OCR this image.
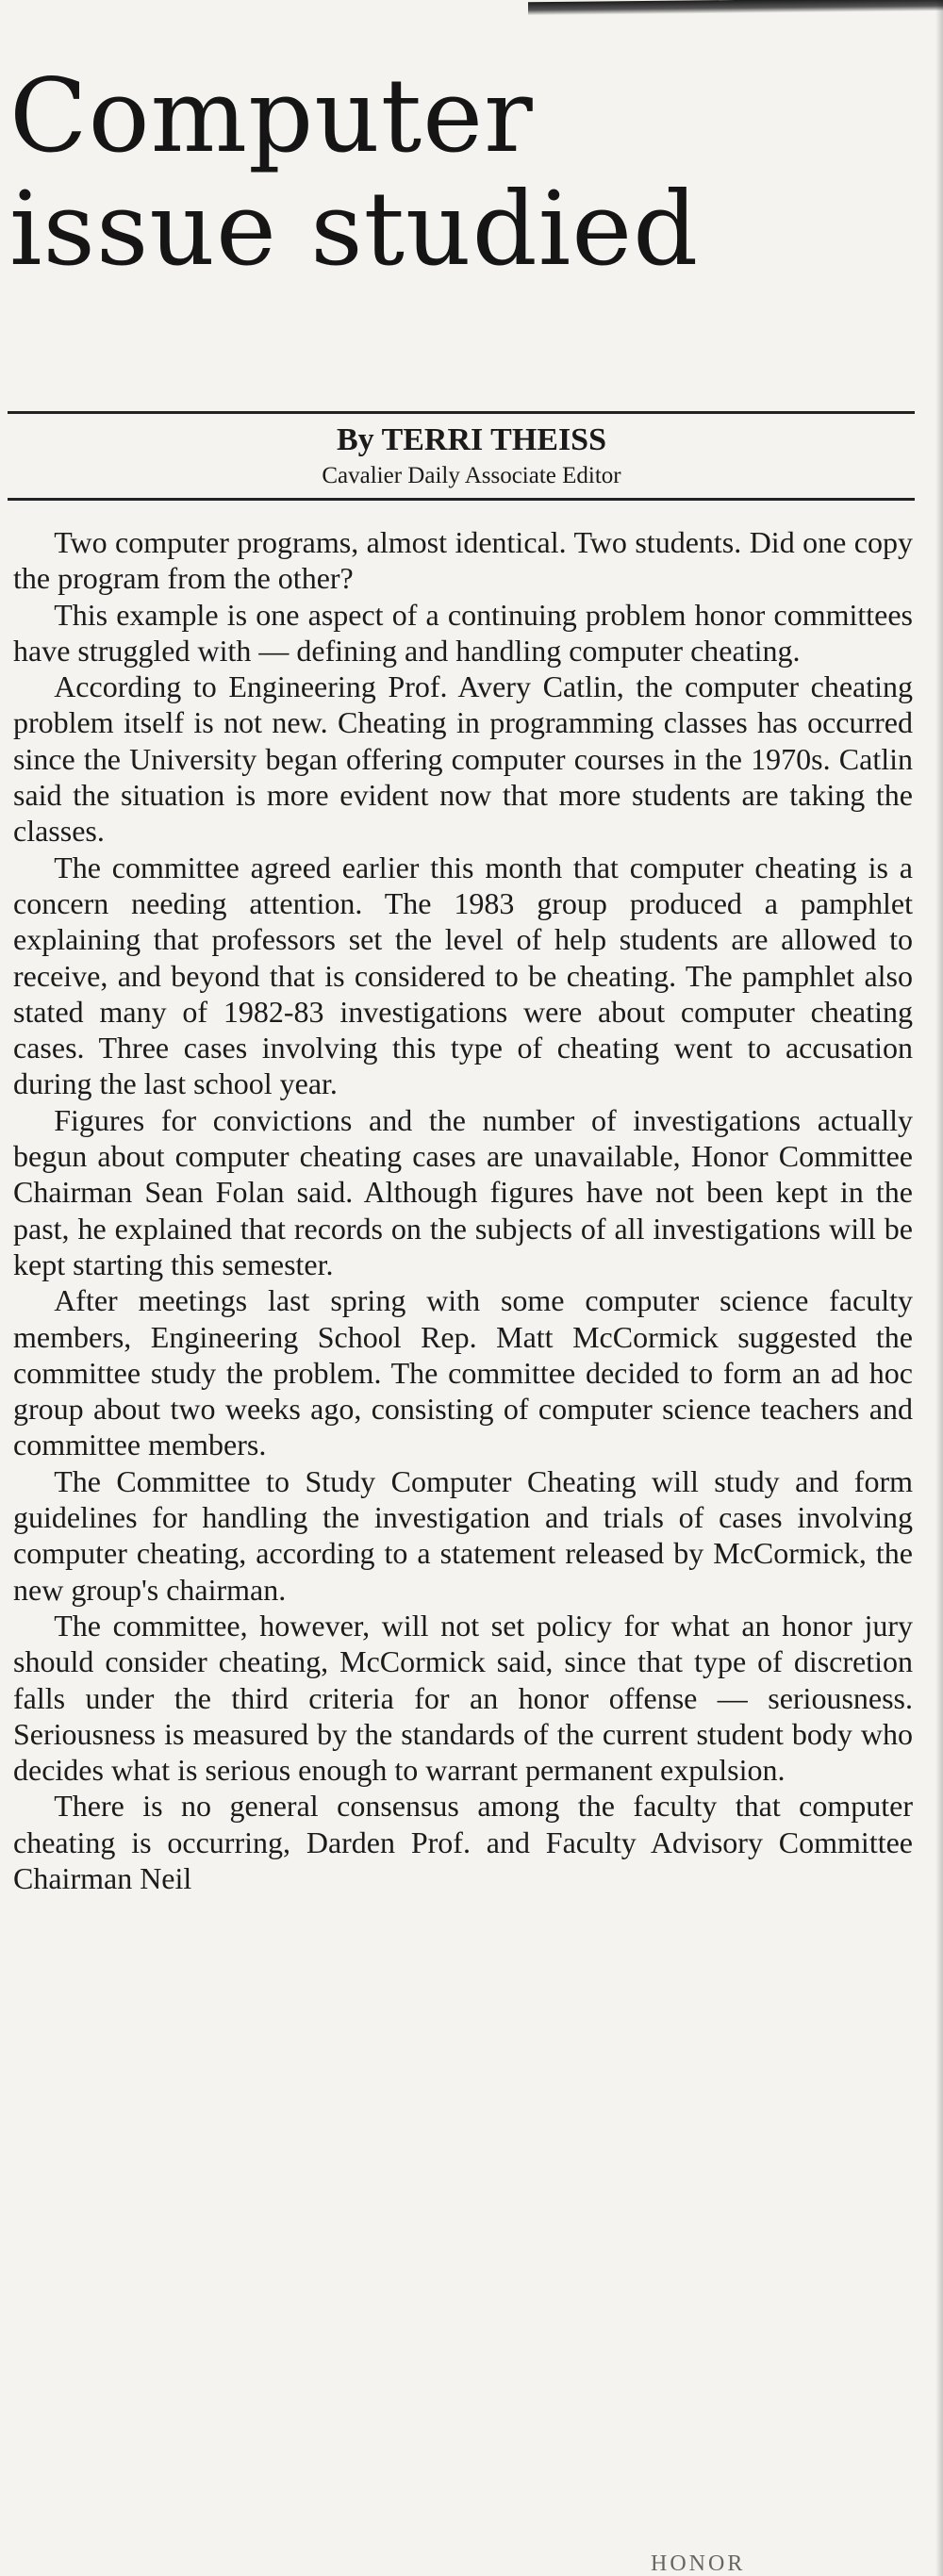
Computer
issue studied
By TERRI THEISS
Cavalier Daily Associate Editor

Two computer programs, almost identical. Two students. Did one copy the program from the other?

This example is one aspect of a continuing problem honor committees have struggled with — defining and handling computer cheating.

According to Engineering Prof. Avery Catlin, the computer cheating problem itself is not new. Cheating in programming classes has occurred since the University began offering computer courses in the 1970s. Catlin said the situation is more evident now that more students are taking the classes.

The committee agreed earlier this month that computer cheating is a concern needing attention. The 1983 group produced a pamphlet explaining that professors set the level of help students are allowed to receive, and beyond that is considered to be cheating. The pamphlet also stated many of 1982-83 investigations were about computer cheating cases. Three cases involving this type of cheating went to accusation during the last school year.

Figures for convictions and the number of investigations actually begun about computer cheating cases are unavailable, Honor Committee Chairman Sean Folan said. Although figures have not been kept in the past, he explained that records on the subjects of all investigations will be kept starting this semester.

After meetings last spring with some computer science faculty members, Engineering School Rep. Matt McCormick suggested the committee study the problem. The committee decided to form an ad hoc group about two weeks ago, consisting of computer science teachers and committee members.

The Committee to Study Computer Cheating will study and form guidelines for handling the investigation and trials of cases involving computer cheating, according to a statement released by McCormick, the new group's chairman.

The committee, however, will not set policy for what an honor jury should consider cheating, McCormick said, since that type of discretion falls under the third criteria for an honor offense — seriousness. Seriousness is measured by the standards of the current student body who decides what is serious enough to warrant permanent expulsion.

There is no general consensus among the faculty that computer cheating is occurring, Darden Prof. and Faculty Advisory Committee Chairman Neil

HONOR
